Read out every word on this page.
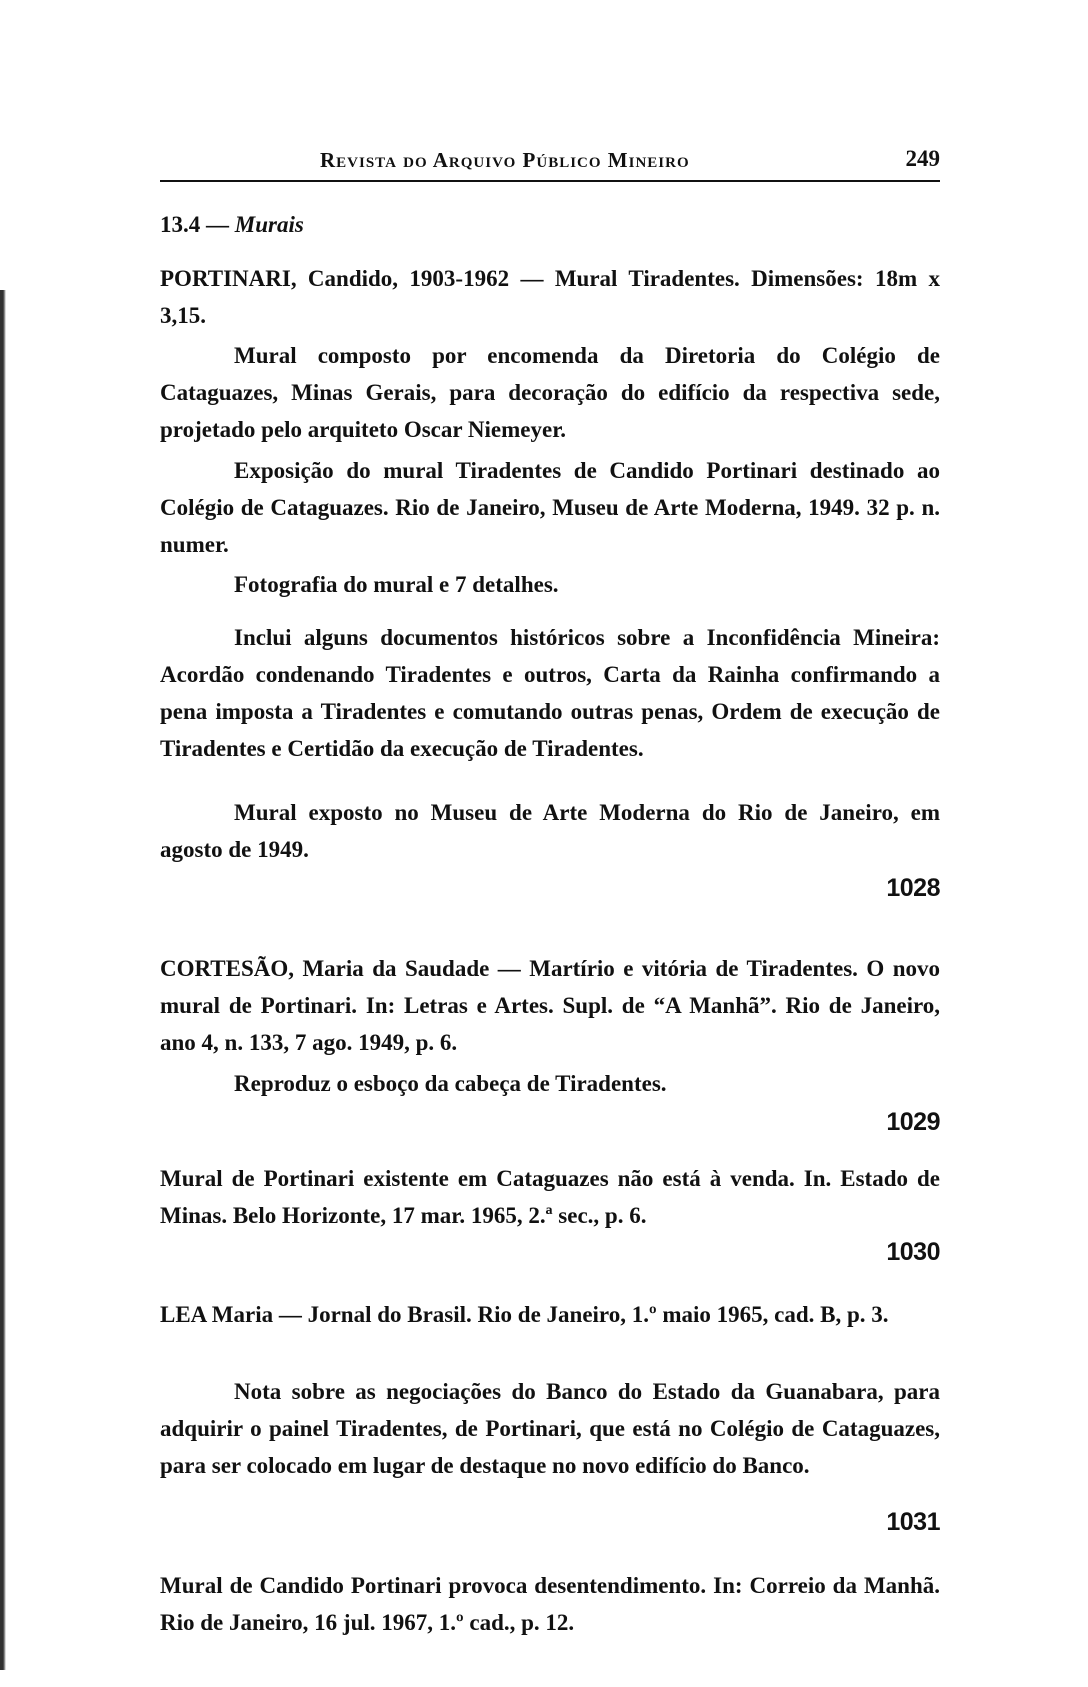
Revista do Arquivo Público Mineiro	249
13.4 — Murais

PORTINARI, Candido, 1903-1962 — Mural Tiradentes. Dimensões: 18m x 3,15.

Mural composto por encomenda da Diretoria do Colégio de Cataguazes, Minas Gerais, para decoração do edifício da respectiva sede, projetado pelo arquiteto Oscar Niemeyer.

Exposição do mural Tiradentes de Candido Portinari destinado ao Colégio de Cataguazes. Rio de Janeiro, Museu de Arte Moderna, 1949. 32 p. n. numer.

Fotografia do mural e 7 detalhes.

Inclui alguns documentos históricos sobre a Inconfidência Mineira: Acordão condenando Tiradentes e outros, Carta da Rainha confirmando a pena imposta a Tiradentes e comutando outras penas, Ordem de execução de Tiradentes e Certidão da execução de Tiradentes.

Mural exposto no Museu de Arte Moderna do Rio de Janeiro, em agosto de 1949.

1028

CORTESÃO, Maria da Saudade — Martírio e vitória de Tiradentes. O novo mural de Portinari. In: Letras e Artes. Supl. de “A Manhã”. Rio de Janeiro, ano 4, n. 133, 7 ago. 1949, p. 6.

Reproduz o esboço da cabeça de Tiradentes.

1029

Mural de Portinari existente em Cataguazes não está à venda. In. Estado de Minas. Belo Horizonte, 17 mar. 1965, 2.ª sec., p. 6.

1030

LEA Maria — Jornal do Brasil. Rio de Janeiro, 1.º maio 1965, cad. B, p. 3.

Nota sobre as negociações do Banco do Estado da Guanabara, para adquirir o painel Tiradentes, de Portinari, que está no Colégio de Cataguazes, para ser colocado em lugar de destaque no novo edifício do Banco.

1031

Mural de Candido Portinari provoca desentendimento. In: Correio da Manhã. Rio de Janeiro, 16 jul. 1967, 1.º cad., p. 12.
